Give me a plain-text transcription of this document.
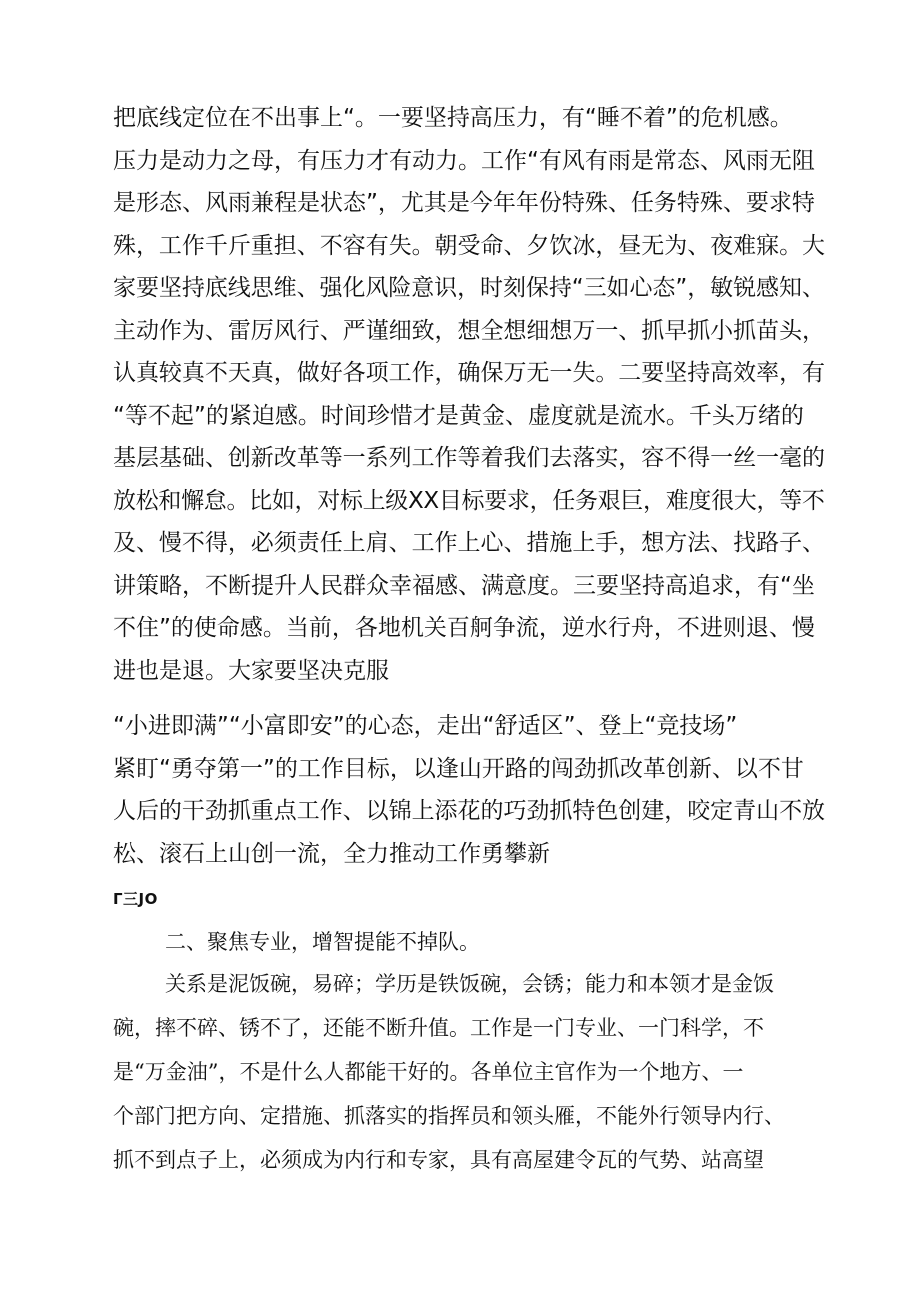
把底线定位在不出事上“。一要坚持高压力，有“睡不着”的危机感。
压力是动力之母，有压力才有动力。工作“有风有雨是常态、风雨无阻
是形态、风雨兼程是状态”，尤其是今年年份特殊、任务特殊、要求特
殊，工作千斤重担、不容有失。朝受命、夕饮冰，昼无为、夜难寐。大
家要坚持底线思维、强化风险意识，时刻保持“三如心态”，敏锐感知、
主动作为、雷厉风行、严谨细致，想全想细想万一、抓早抓小抓苗头，
认真较真不天真，做好各项工作，确保万无一失。二要坚持高效率，有
“等不起”的紧迫感。时间珍惜才是黄金、虚度就是流水。千头万绪的
基层基础、创新改革等一系列工作等着我们去落实，容不得一丝一毫的
放松和懈怠。比如，对标上级XX目标要求，任务艰巨，难度很大，等不
及、慢不得，必须责任上肩、工作上心、措施上手，想方法、找路子、
讲策略，不断提升人民群众幸福感、满意度。三要坚持高追求，有“坐
不住”的使命感。当前，各地机关百舸争流，逆水行舟，不进则退、慢
进也是退。大家要坚决克服
“小进即满”“小富即安”的心态，走出“舒适区”、登上“竞技场”
紧盯“勇夺第一”的工作目标，以逢山开路的闯劲抓改革创新、以不甘
人后的干劲抓重点工作、以锦上添花的巧劲抓特色创建，咬定青山不放
松、滚石上山创一流，全力推动工作勇攀新
Γ三JO
二、聚焦专业，增智提能不掉队。
关系是泥饭碗，易碎；学历是铁饭碗，会锈；能力和本领才是金饭
碗，摔不碎、锈不了，还能不断升值。工作是一门专业、一门科学，不
是“万金油”，不是什么人都能干好的。各单位主官作为一个地方、一
个部门把方向、定措施、抓落实的指挥员和领头雁，不能外行领导内行、
抓不到点子上，必须成为内行和专家，具有高屋建令瓦的气势、站高望
